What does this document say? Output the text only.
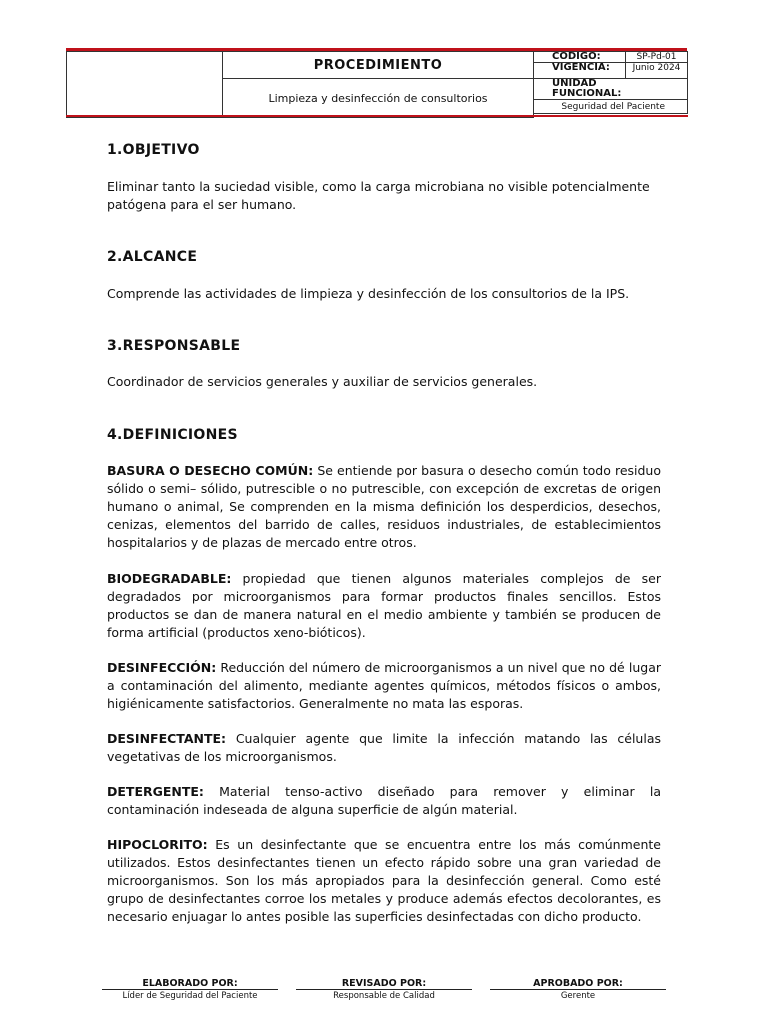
	PROCEDIMIENTO	CODIGO:	SP-Pd-01
		VIGENCIA:	Junio 2024
	Limpieza y desinfección de consultorios	UNIDAD
FUNCIONAL:	

		Seguridad del Paciente	

1.OBJETIVO
Eliminar tanto la suciedad visible, como la carga microbiana no visible potencialmente patógena para el ser humano.
2.ALCANCE
Comprende las actividades de limpieza y desinfección de los consultorios de la IPS.
3.RESPONSABLE
Coordinador de servicios generales y auxiliar de servicios generales.
4.DEFINICIONES
BASURA O DESECHO COMÚN: Se entiende por basura o desecho común todo residuo sólido o semi– sólido, putrescible o no putrescible, con excepción de excretas de origen humano o animal, Se comprenden en la misma definición los desperdicios, desechos, cenizas, elementos del barrido de calles, residuos industriales, de establecimientos hospitalarios y de plazas de mercado entre otros.
BIODEGRADABLE: propiedad que tienen algunos materiales complejos de ser degradados por microorganismos para formar productos finales sencillos. Estos productos se dan de manera natural en el medio ambiente y también se producen de forma artificial (productos xeno-bióticos).
DESINFECCIÓN: Reducción del número de microorganismos a un nivel que no dé lugar a contaminación del alimento, mediante agentes químicos, métodos físicos o ambos, higiénicamente satisfactorios. Generalmente no mata las esporas.
DESINFECTANTE: Cualquier agente que limite la infección matando las células vegetativas de los microorganismos.
DETERGENTE: Material tenso-activo diseñado para remover y eliminar la contaminación indeseada de alguna superficie de algún material.
HIPOCLORITO: Es un desinfectante que se encuentra entre los más comúnmente utilizados. Estos desinfectantes tienen un efecto rápido sobre una gran variedad de microorganismos. Son los más apropiados para la desinfección general. Como esté grupo de desinfectantes corroe los metales y produce además efectos decolorantes, es necesario enjuagar lo antes posible las superficies desinfectadas con dicho producto.
ELABORADO POR:
Líder de Seguridad del Paciente
REVISADO POR:
Responsable de Calidad
APROBADO POR:
Gerente
